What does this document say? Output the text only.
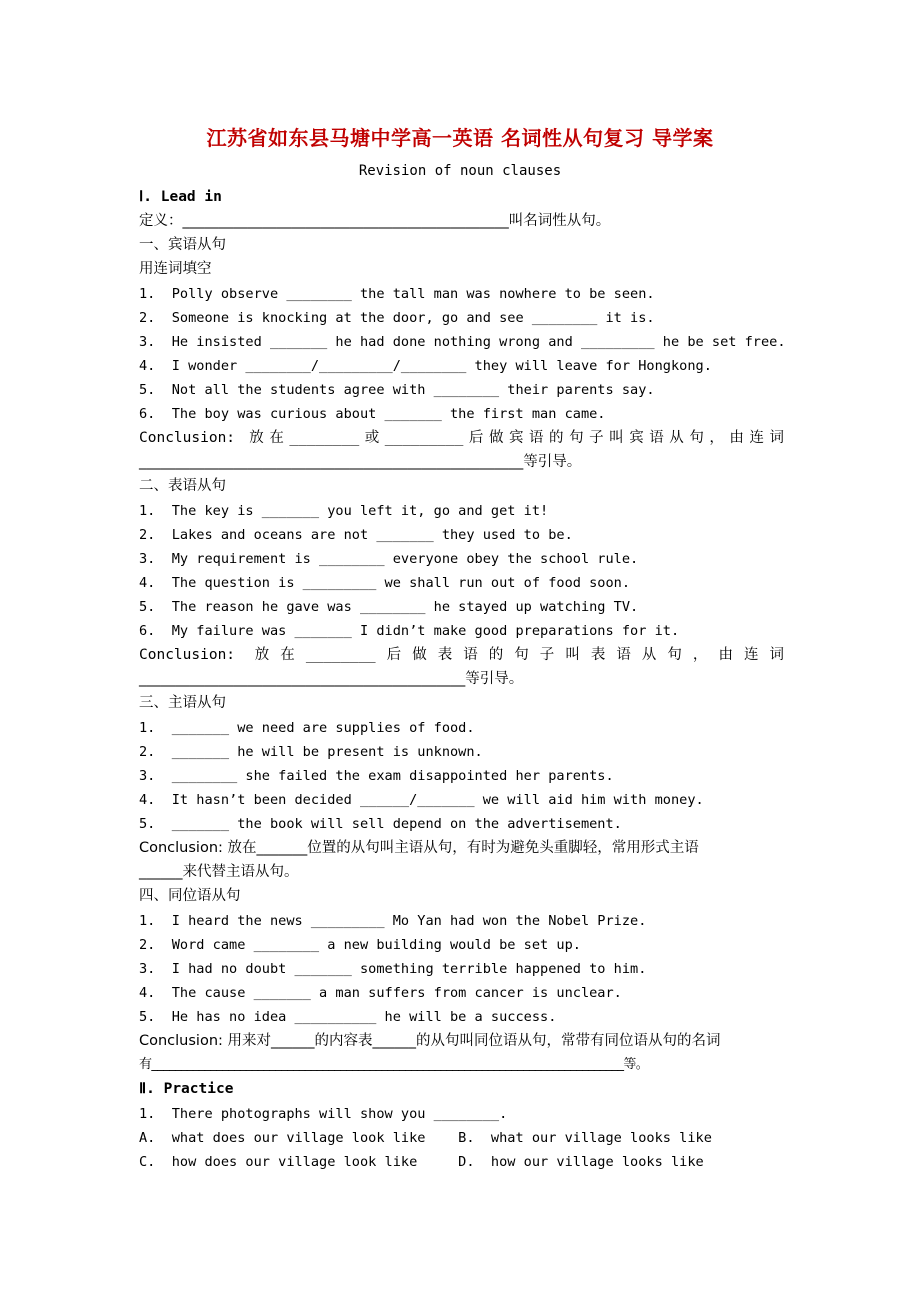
江苏省如东县马塘中学高一英语 名词性从句复习 导学案
Revision of noun clauses
Ⅰ. Lead in
定义：_____________________________________________叫名词性从句。
一、宾语从句
用连词填空
1.  Polly observe ________ the tall man was nowhere to be seen.
2.  Someone is knocking at the door, go and see ________ it is.
3.  He insisted _______ he had done nothing wrong and _________ he be set free.
4.  I wonder ________/_________/________ they will leave for Hongkong.
5.  Not all the students agree with ________ their parents say.
6.  The boy was curious about _______ the first man came.
Conclusion: 放在________或_________后做宾语的句子叫宾语从句，由连词
_____________________________________________________等引导。
二、表语从句
1.  The key is _______ you left it, go and get it!
2.  Lakes and oceans are not _______ they used to be.
3.  My requirement is ________ everyone obey the school rule.
4.  The question is _________ we shall run out of food soon.
5.  The reason he gave was ________ he stayed up watching TV.
6.  My failure was _______ I didn’t make good preparations for it.
Conclusion: 放在________后做表语的句子叫表语从句，由连词
_____________________________________________等引导。
三、主语从句
1.  _______ we need are supplies of food.
2.  _______ he will be present is unknown.
3.  ________ she failed the exam disappointed her parents.
4.  It hasn’t been decided ______/_______ we will aid him with money.
5.  _______ the book will sell depend on the advertisement.
Conclusion: 放在_______位置的从句叫主语从句，有时为避免头重脚轻，常用形式主语
______来代替主语从句。
四、同位语从句
1.  I heard the news _________ Mo Yan had won the Nobel Prize.
2.  Word came ________ a new building would be set up.
3.  I had no doubt _______ something terrible happened to him.
4.  The cause _______ a man suffers from cancer is unclear.
5.  He has no idea __________ he will be a success.
Conclusion: 用来对______的内容表______的从句叫同位语从句，常带有同位语从句的名词
有________________________________________________________________________________等。
Ⅱ. Practice
1.  There photographs will show you ________.
A.  what does our village look like    B.  what our village looks like
C.  how does our village look like     D.  how our village looks like
